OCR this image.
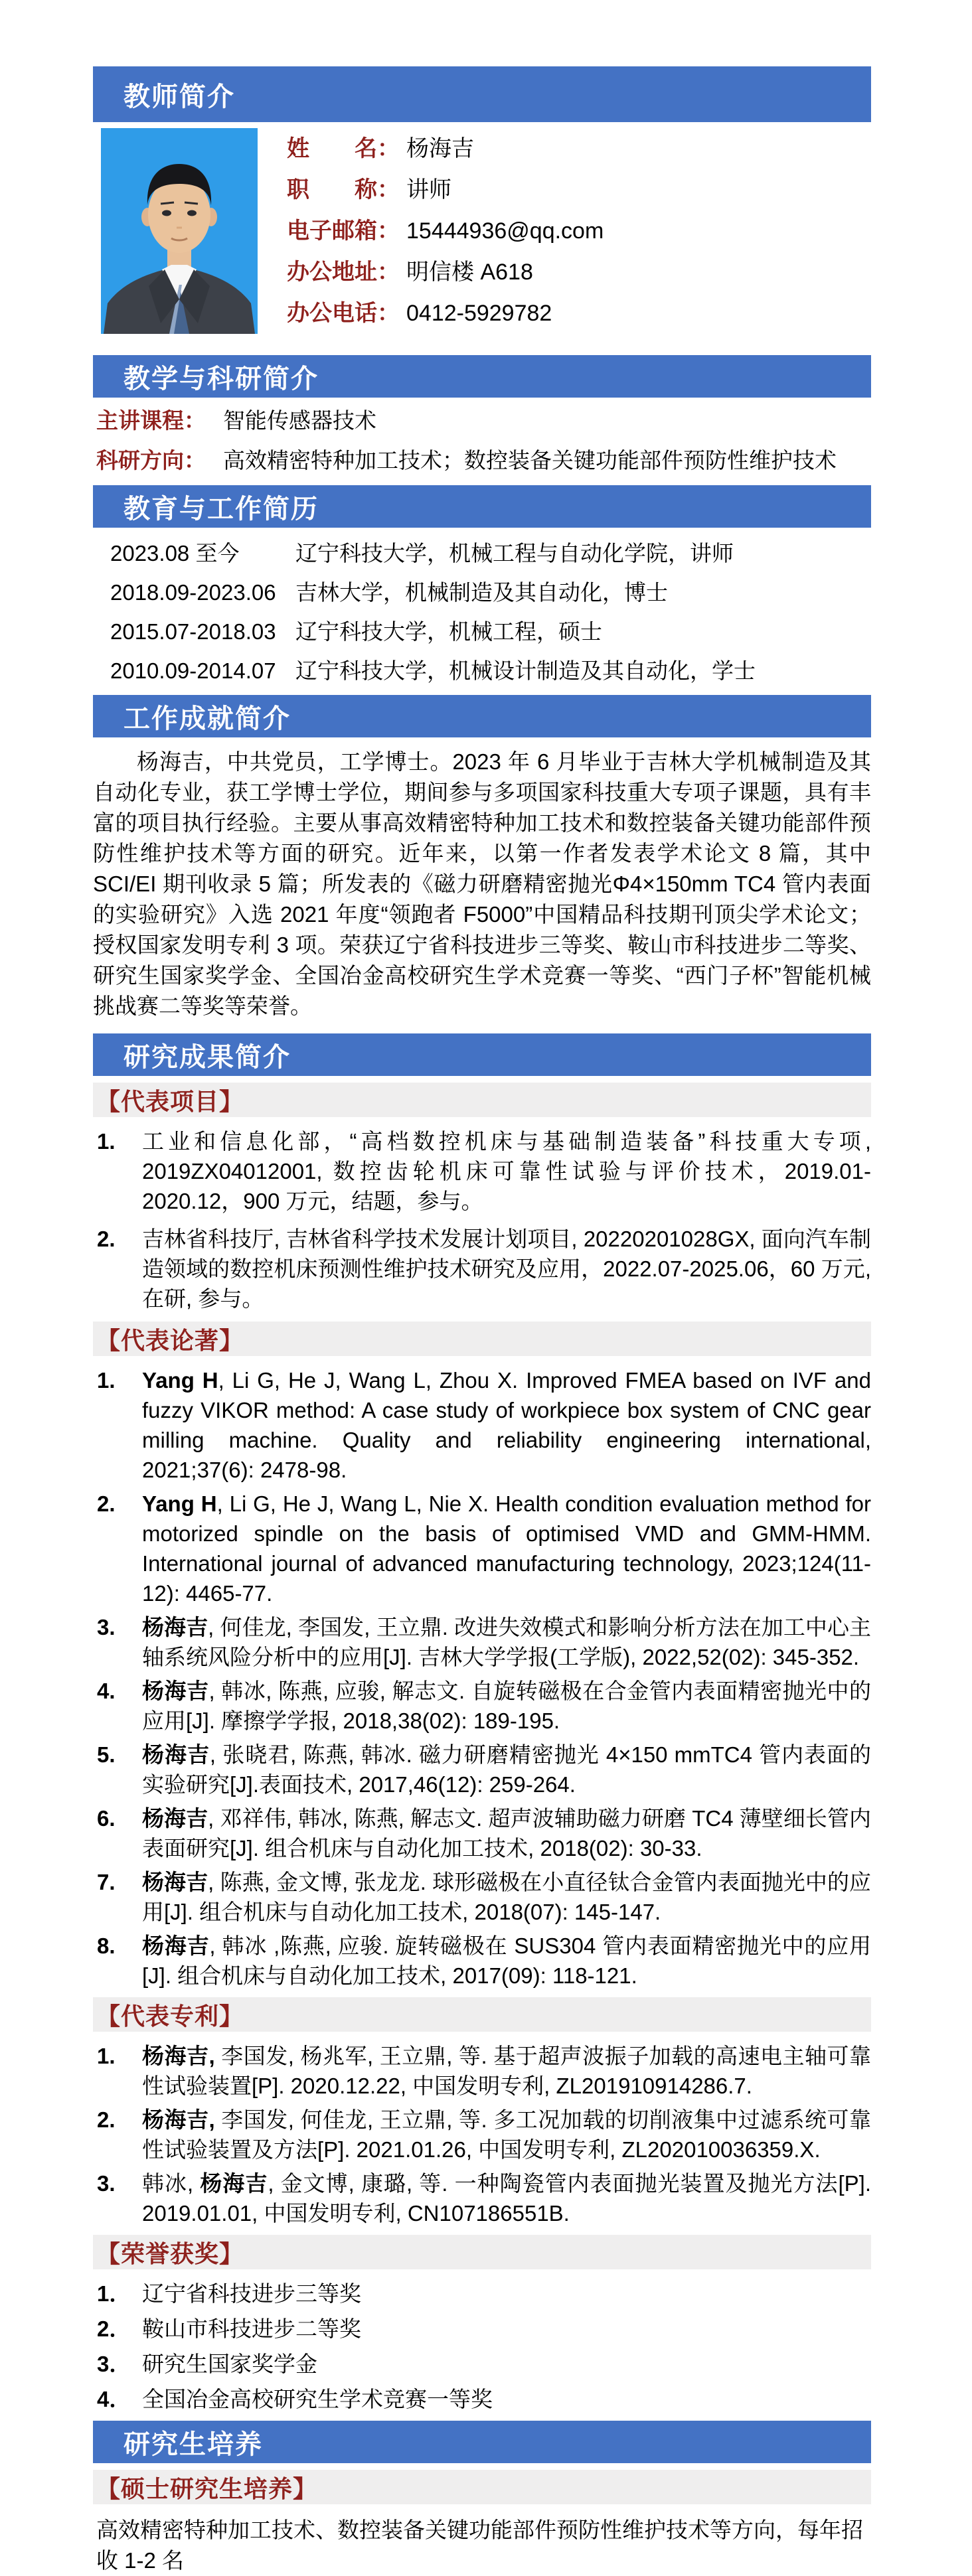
教师简介
姓　　名： 杨海吉
职　　称： 讲师
电子邮箱： 15444936@qq.com
办公地址： 明信楼 A618
办公电话： 0412-5929782
教学与科研简介
主讲课程： 智能传感器技术
科研方向： 高效精密特种加工技术；数控装备关键功能部件预防性维护技术
教育与工作简历
2023.08 至今	辽宁科技大学，机械工程与自动化学院，讲师
2018.09-2023.06 吉林大学，机械制造及其自动化，博士
2015.07-2018.03 辽宁科技大学，机械工程，硕士
2010.09-2014.07 辽宁科技大学，机械设计制造及其自动化，学士
工作成就简介

杨海吉，中共党员，工学博士。2023 年 6 月毕业于吉林大学机械制造及其自动化专业，获工学博士学位，期间参与多项国家科技重大专项子课题，具有丰富的项目执行经验。主要从事高效精密特种加工技术和数控装备关键功能部件预防性维护技术等方面的研究。近年来，以第一作者发表学术论文 8 篇，其中 SCI/EI 期刊收录 5 篇；所发表的《磁力研磨精密抛光Φ4×150mm TC4 管内表面的实验研究》入选 2021 年度“领跑者 F5000”中国精品科技期刊顶尖学术论文；授权国家发明专利 3 项。荣获辽宁省科技进步三等奖、鞍山市科技进步二等奖、研究生国家奖学金、全国冶金高校研究生学术竞赛一等奖、“西门子杯”智能机械挑战赛二等奖等荣誉。

研究成果简介
【代表项目】
1. 工业和信息化部，“高档数控机床与基础制造装备”科技重大专项, 2019ZX04012001, 数控齿轮机床可靠性试验与评价技术，2019.01-2020.12，900 万元，结题，参与。
2. 吉林省科技厅, 吉林省科学技术发展计划项目, 20220201028GX, 面向汽车制造领域的数控机床预测性维护技术研究及应用，2022.07-2025.06，60 万元, 在研, 参与。
【代表论著】
1. Yang H, Li G, He J, Wang L, Zhou X. Improved FMEA based on IVF and fuzzy VIKOR method: A case study of workpiece box system of CNC gear milling machine. Quality and reliability engineering international, 2021;37(6): 2478-98.
2. Yang H, Li G, He J, Wang L, Nie X. Health condition evaluation method for motorized spindle on the basis of optimised VMD and GMM-HMM. International journal of advanced manufacturing technology, 2023;124(11-12): 4465-77.
3. 杨海吉, 何佳龙, 李国发, 王立鼎. 改进失效模式和影响分析方法在加工中心主轴系统风险分析中的应用[J]. 吉林大学学报(工学版), 2022,52(02): 345-352.
4. 杨海吉, 韩冰, 陈燕, 应骏, 解志文. 自旋转磁极在合金管内表面精密抛光中的应用[J]. 摩擦学学报, 2018,38(02): 189-195.
5. 杨海吉, 张晓君, 陈燕, 韩冰. 磁力研磨精密抛光 4×150 mmTC4 管内表面的实验研究[J].表面技术, 2017,46(12): 259-264.
6. 杨海吉, 邓祥伟, 韩冰, 陈燕, 解志文. 超声波辅助磁力研磨 TC4 薄壁细长管内表面研究[J]. 组合机床与自动化加工技术, 2018(02): 30-33.
7. 杨海吉, 陈燕, 金文博, 张龙龙. 球形磁极在小直径钛合金管内表面抛光中的应用[J]. 组合机床与自动化加工技术, 2018(07): 145-147.
8. 杨海吉, 韩冰 ,陈燕, 应骏. 旋转磁极在 SUS304 管内表面精密抛光中的应用[J]. 组合机床与自动化加工技术, 2017(09): 118-121.
【代表专利】
1. 杨海吉, 李国发, 杨兆军, 王立鼎, 等. 基于超声波振子加载的高速电主轴可靠性试验装置[P]. 2020.12.22, 中国发明专利, ZL201910914286.7.
2. 杨海吉, 李国发, 何佳龙, 王立鼎, 等. 多工况加载的切削液集中过滤系统可靠性试验装置及方法[P]. 2021.01.26, 中国发明专利, ZL202010036359.X.
3. 韩冰, 杨海吉, 金文博, 康璐, 等. 一种陶瓷管内表面抛光装置及抛光方法[P]. 2019.01.01, 中国发明专利, CN107186551B.
【荣誉获奖】
1． 辽宁省科技进步三等奖
2． 鞍山市科技进步二等奖
3． 研究生国家奖学金
4． 全国冶金高校研究生学术竞赛一等奖
研究生培养
【硕士研究生培养】

高效精密特种加工技术、数控装备关键功能部件预防性维护技术等方向，每年招收 1-2 名
